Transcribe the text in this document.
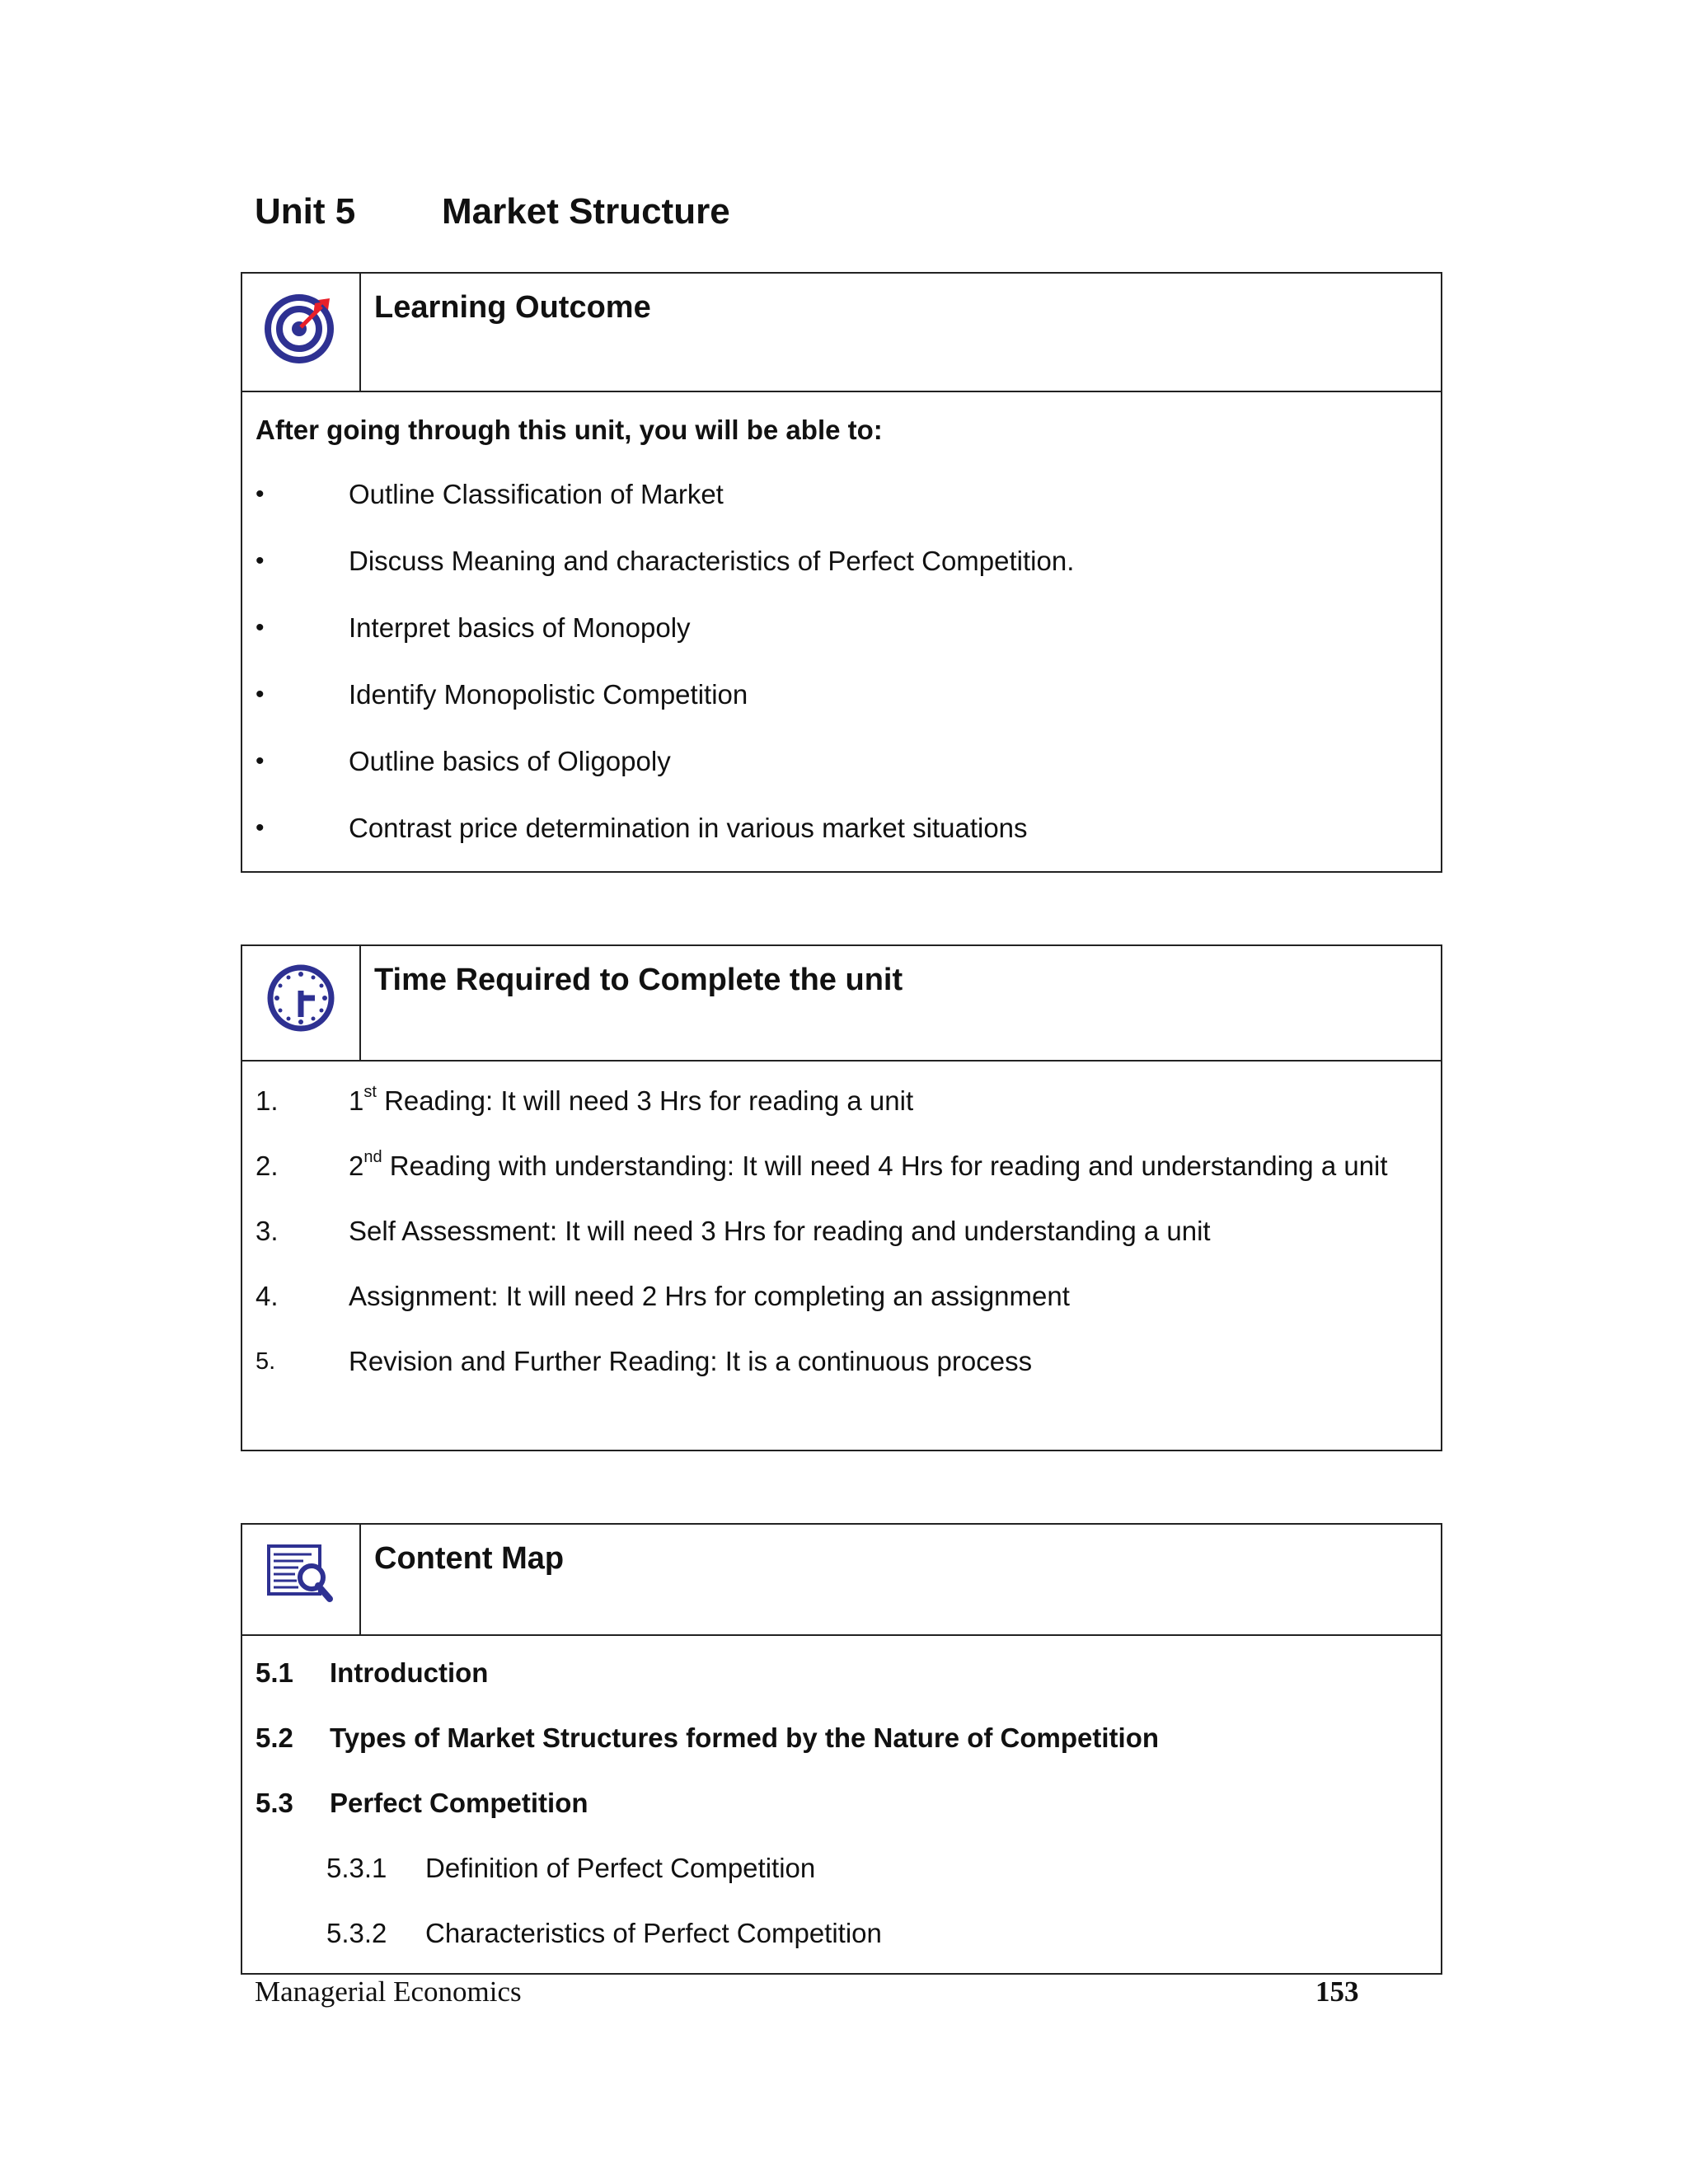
Unit 5 Market Structure
Learning Outcome
After going through this unit, you will be able to:
•	Outline Classification of Market
•	Discuss Meaning and characteristics of Perfect Competition.
•	Interpret basics of Monopoly
•	Identify Monopolistic Competition
•	Outline basics of Oligopoly
•	Contrast price determination in various market situations
Time Required to Complete the unit
1.	1st Reading: It will need 3 Hrs for reading a unit
2.	2nd Reading with understanding: It will need 4 Hrs for reading and understanding a unit
3.	Self Assessment: It will need 3 Hrs for reading and understanding a unit
4.	Assignment: It will need 2 Hrs for completing an assignment
5.	Revision and Further Reading: It is a continuous process
Content Map
5.1	Introduction
5.2	Types of Market Structures formed by the Nature of Competition
5.3	Perfect Competition
5.3.1	Definition of Perfect Competition
5.3.2	Characteristics of Perfect Competition
Managerial Economics	153
